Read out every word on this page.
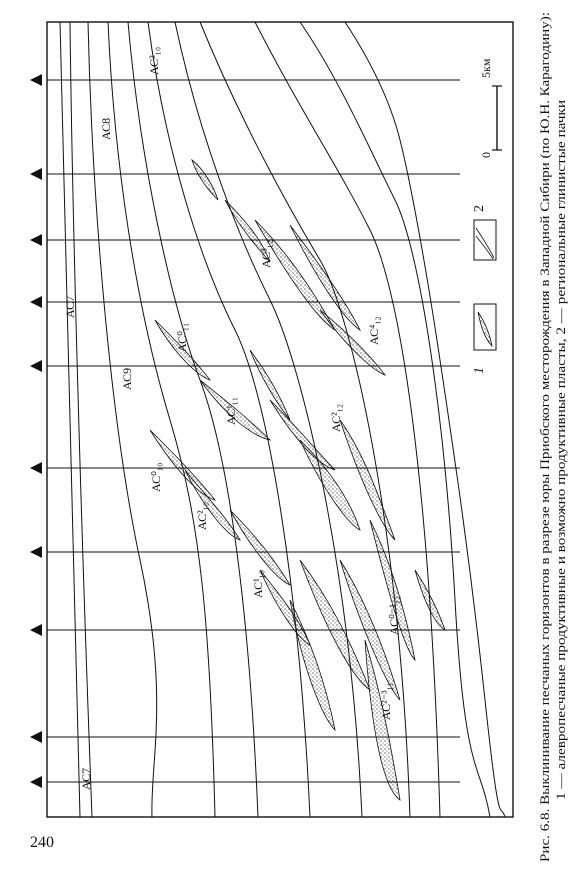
1
2
0
5км
АС8
АС²₁₀
АС7
АС9
АС⁰₁₁
АС¹₁₁
АС³₁₂
АС⁴₁₂
АС²₁₂
АС⁰₁₀
АС²₁₀
АС¹₁₀
АС⁰⁻¹₁₂
АС²⁻³₁₁
АС7	Рис. 6.8. Выклинивание песчаных горизонтов в разрезе юры Приобского месторождения в Западной Сибири (по Ю.Н. Карагодину): 1 — алевропесчаные продуктивные и возможно продуктивные пласты, 2 — региональные глинистые пачки
240
